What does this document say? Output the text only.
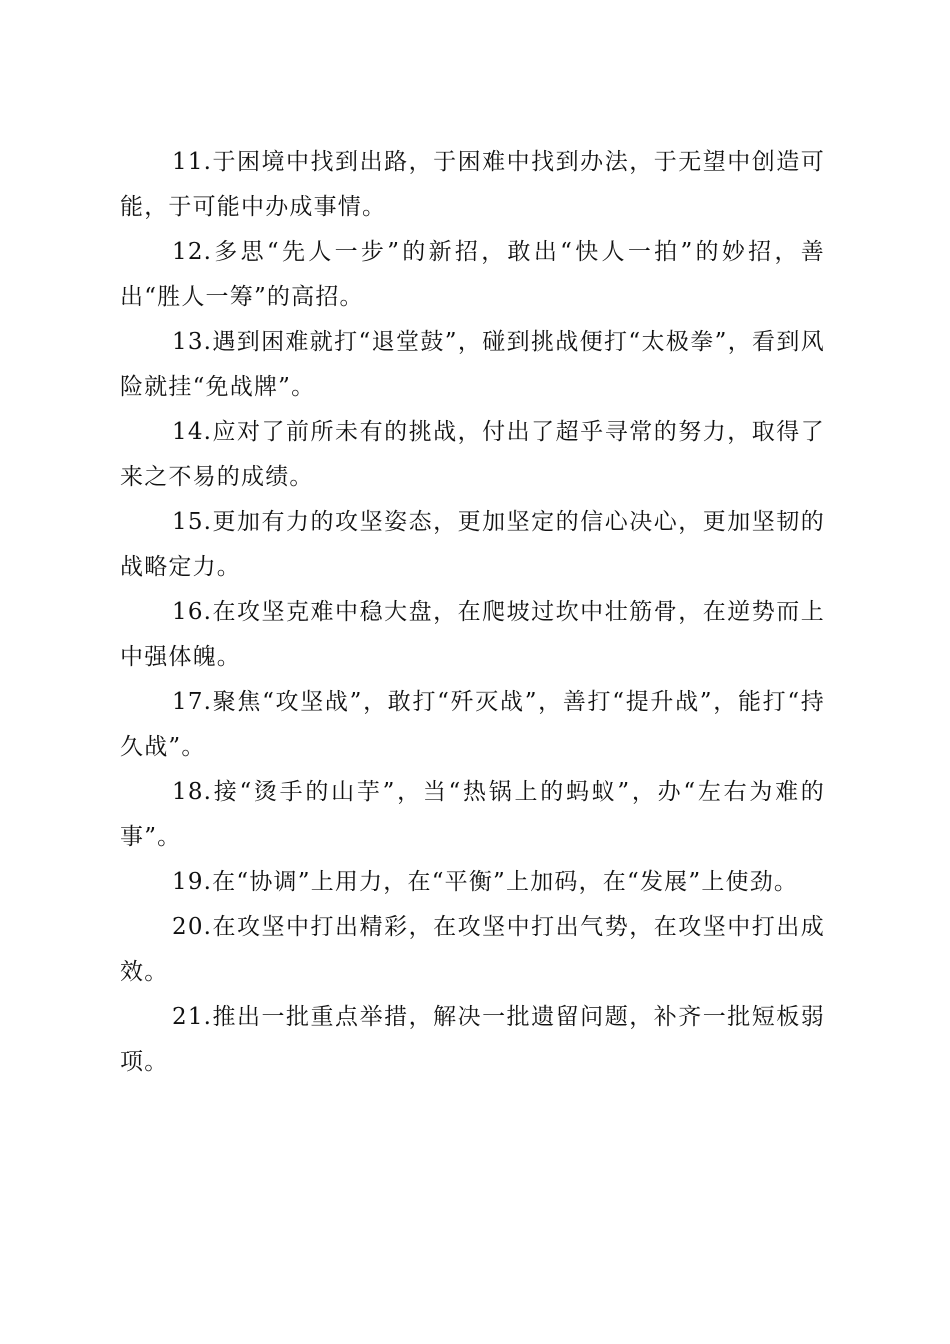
11.于困境中找到出路，于困难中找到办法，于无望中创造可能，于可能中办成事情。

12.多思“先人一步”的新招，敢出“快人一拍”的妙招，善出“胜人一筹”的高招。

13.遇到困难就打“退堂鼓”，碰到挑战便打“太极拳”，看到风险就挂“免战牌”。

14.应对了前所未有的挑战，付出了超乎寻常的努力，取得了来之不易的成绩。

15.更加有力的攻坚姿态，更加坚定的信心决心，更加坚韧的战略定力。

16.在攻坚克难中稳大盘，在爬坡过坎中壮筋骨，在逆势而上中强体魄。

17.聚焦“攻坚战”，敢打“歼灭战”，善打“提升战”，能打“持久战”。

18.接“烫手的山芋”，当“热锅上的蚂蚁”，办“左右为难的事”。

19.在“协调”上用力，在“平衡”上加码，在“发展”上使劲。

20.在攻坚中打出精彩，在攻坚中打出气势，在攻坚中打出成效。

21.推出一批重点举措，解决一批遗留问题，补齐一批短板弱项。
